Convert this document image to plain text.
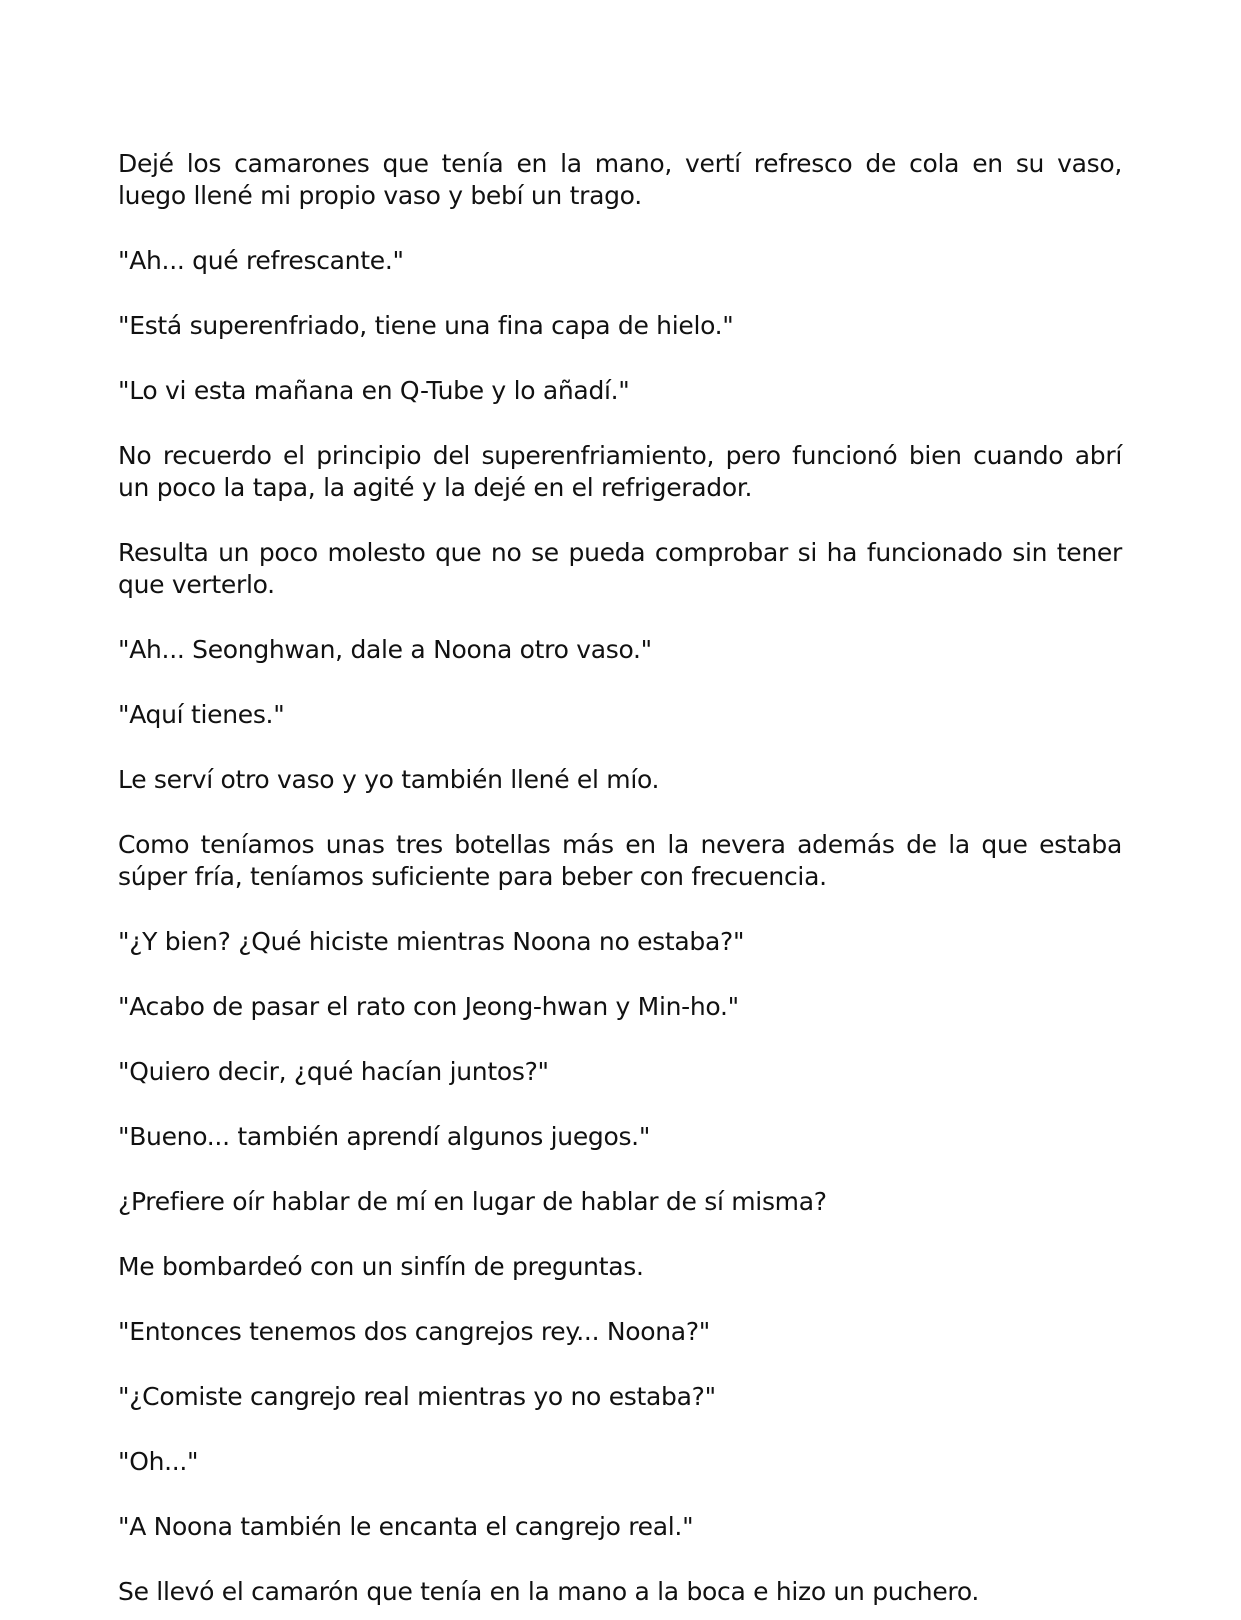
Dejé los camarones que tenía en la mano, vertí refresco de cola en su vaso, luego llené mi propio vaso y bebí un trago.

"Ah... qué refrescante."

"Está superenfriado, tiene una fina capa de hielo."

"Lo vi esta mañana en Q-Tube y lo añadí."

No recuerdo el principio del superenfriamiento, pero funcionó bien cuando abrí un poco la tapa, la agité y la dejé en el refrigerador.

Resulta un poco molesto que no se pueda comprobar si ha funcionado sin tener que verterlo.

"Ah... Seonghwan, dale a Noona otro vaso."

"Aquí tienes."

Le serví otro vaso y yo también llené el mío.

Como teníamos unas tres botellas más en la nevera además de la que estaba súper fría, teníamos suficiente para beber con frecuencia.

"¿Y bien? ¿Qué hiciste mientras Noona no estaba?"

"Acabo de pasar el rato con Jeong-hwan y Min-ho."

"Quiero decir, ¿qué hacían juntos?"

"Bueno... también aprendí algunos juegos."

¿Prefiere oír hablar de mí en lugar de hablar de sí misma?

Me bombardeó con un sinfín de preguntas.

"Entonces tenemos dos cangrejos rey... Noona?"

"¿Comiste cangrejo real mientras yo no estaba?"

"Oh..."

"A Noona también le encanta el cangrejo real."

Se llevó el camarón que tenía en la mano a la boca e hizo un puchero.
